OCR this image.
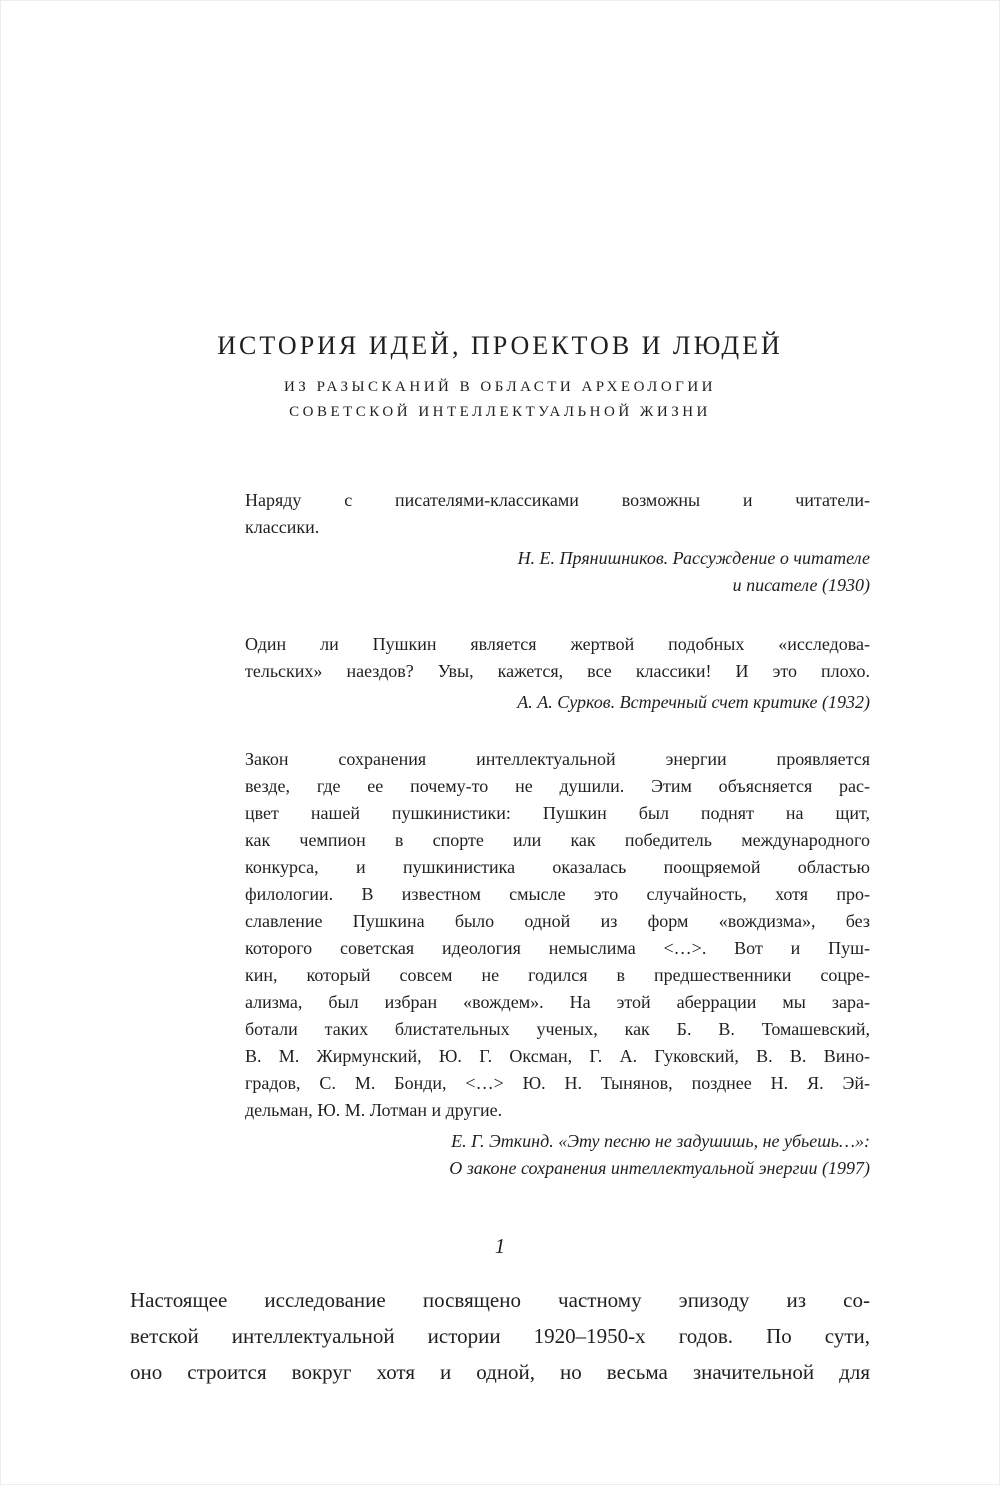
ИСТОРИЯ ИДЕЙ, ПРОЕКТОВ И ЛЮДЕЙ
ИЗ РАЗЫСКАНИЙ В ОБЛАСТИ АРХЕОЛОГИИ
СОВЕТСКОЙ ИНТЕЛЛЕКТУАЛЬНОЙ ЖИЗНИ
Наряду с писателями-классиками возможны и читатели-
классики.
Н. Е. Прянишников. Рассуждение о читателе
и писателе (1930)
Один ли Пушкин является жертвой подобных «исследова-
тельских» наездов? Увы, кажется, все классики! И это плохо.
А. А. Сурков. Встречный счет критике (1932)
Закон сохранения интеллектуальной энергии проявляется
везде, где ее почему-то не душили. Этим объясняется рас-
цвет нашей пушкинистики: Пушкин был поднят на щит,
как чемпион в спорте или как победитель международного
конкурса, и пушкинистика оказалась поощряемой областью
филологии. В известном смысле это случайность, хотя про-
славление Пушкина было одной из форм «вождизма», без
которого советская идеология немыслима <…>. Вот и Пуш-
кин, который совсем не годился в предшественники соцре-
ализма, был избран «вождем». На этой аберрации мы зара-
ботали таких блистательных ученых, как Б. В. Томашевский,
В. М. Жирмунский, Ю. Г. Оксман, Г. А. Гуковский, В. В. Вино-
градов, С. М. Бонди, <…> Ю. Н. Тынянов, позднее Н. Я. Эй-
дельман, Ю. М. Лотман и другие.
Е. Г. Эткинд. «Эту песню не задушишь, не убьешь…»:
О законе сохранения интеллектуальной энергии (1997)
1
Настоящее исследование посвящено частному эпизоду из со-
ветской интеллектуальной истории 1920–1950-х годов. По сути,
оно строится вокруг хотя и одной, но весьма значительной для
